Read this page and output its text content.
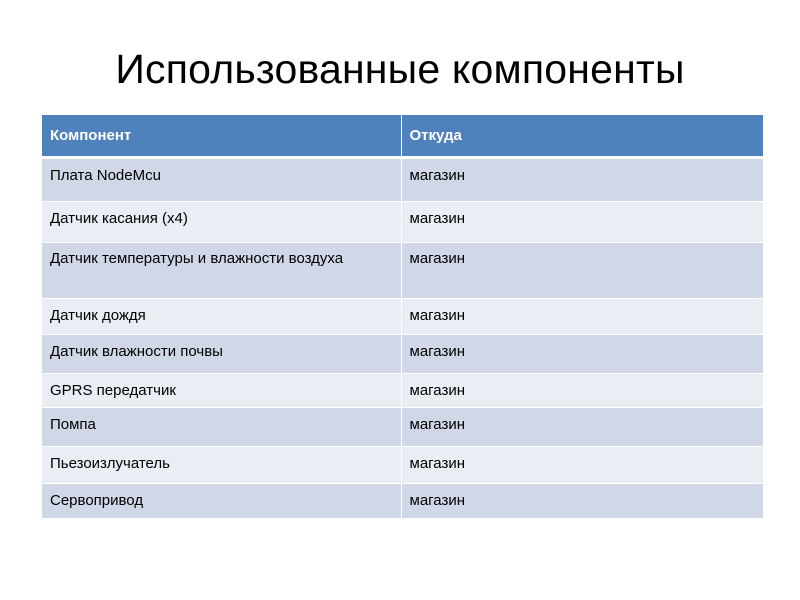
Использованные компоненты
Компонент	Откуда
Плата NodeMcu	магазин
Датчик касания (х4)	магазин
Датчик температуры и влажности воздуха	магазин
Датчик дождя	магазин
Датчик влажности почвы	магазин
GPRS передатчик	магазин
Помпа	магазин
Пьезоизлучатель	магазин
Сервопривод	магазин
